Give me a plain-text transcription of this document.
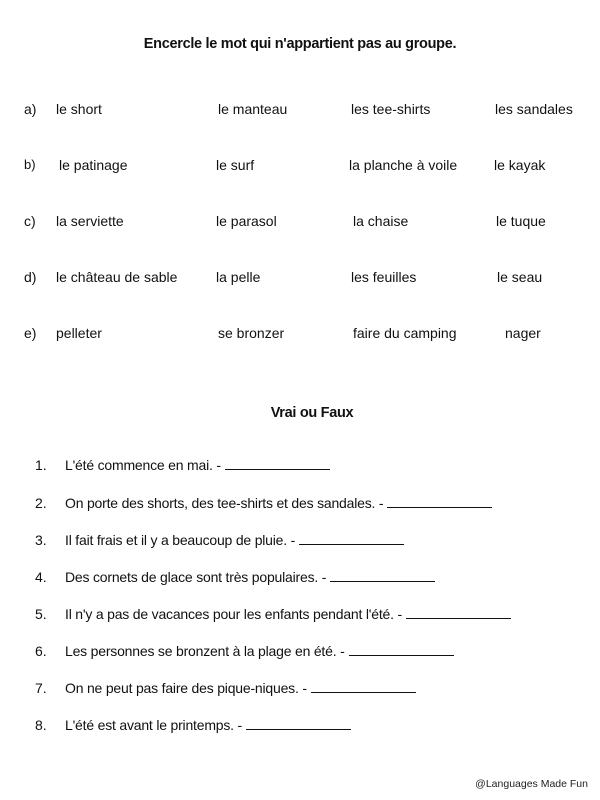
Encercle le mot qui n'appartient pas au groupe.
a) le short	le manteau	les tee-shirts	les sandales
b) le patinage	le surf	la planche à voile	le kayak
c) la serviette	le parasol	la chaise	le tuque
d) le château de sable	la pelle	les feuilles	le seau
e) pelleter	se bronzer	faire du camping	nager
Vrai ou Faux
1. L'été commence en mai. -
2. On porte des shorts, des tee-shirts et des sandales. -
3. Il fait frais et il y a beaucoup de pluie. -
4. Des cornets de glace sont très populaires. -
5. Il n'y a pas de vacances pour les enfants pendant l'été. -
6. Les personnes se bronzent à la plage en été. -
7. On ne peut pas faire des pique-niques. -
8. L'été est avant le printemps. -
@Languages Made Fun
